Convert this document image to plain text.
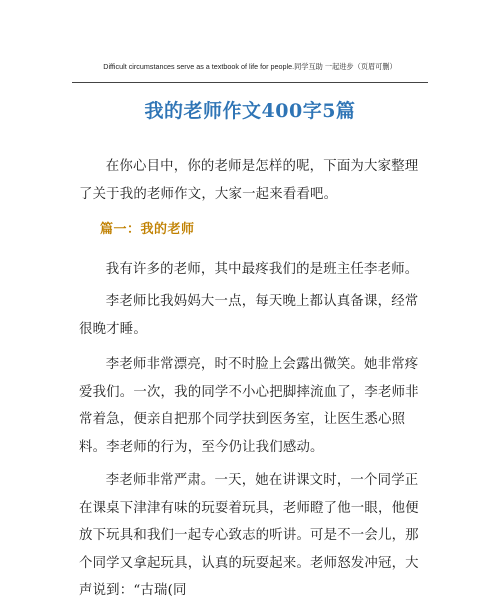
Difficult circumstances serve as a textbook of life for people.同学互助 一起进步（页眉可删）
我的老师作文400字5篇
在你心目中，你的老师是怎样的呢，下面为大家整理了关于我的老师作文，大家一起来看看吧。
篇一：我的老师
我有许多的老师，其中最疼我们的是班主任李老师。
李老师比我妈妈大一点，每天晚上都认真备课，经常很晚才睡。
李老师非常漂亮，时不时脸上会露出微笑。她非常疼爱我们。一次，我的同学不小心把脚摔流血了，李老师非常着急，便亲自把那个同学扶到医务室，让医生悉心照料。李老师的行为，至今仍让我们感动。
李老师非常严肃。一天，她在讲课文时，一个同学正在课桌下津津有味的玩耍着玩具，老师瞪了他一眼，他便放下玩具和我们一起专心致志的听讲。可是不一会儿，那个同学又拿起玩具，认真的玩耍起来。老师怒发冲冠，大声说到：“古瑞(同
